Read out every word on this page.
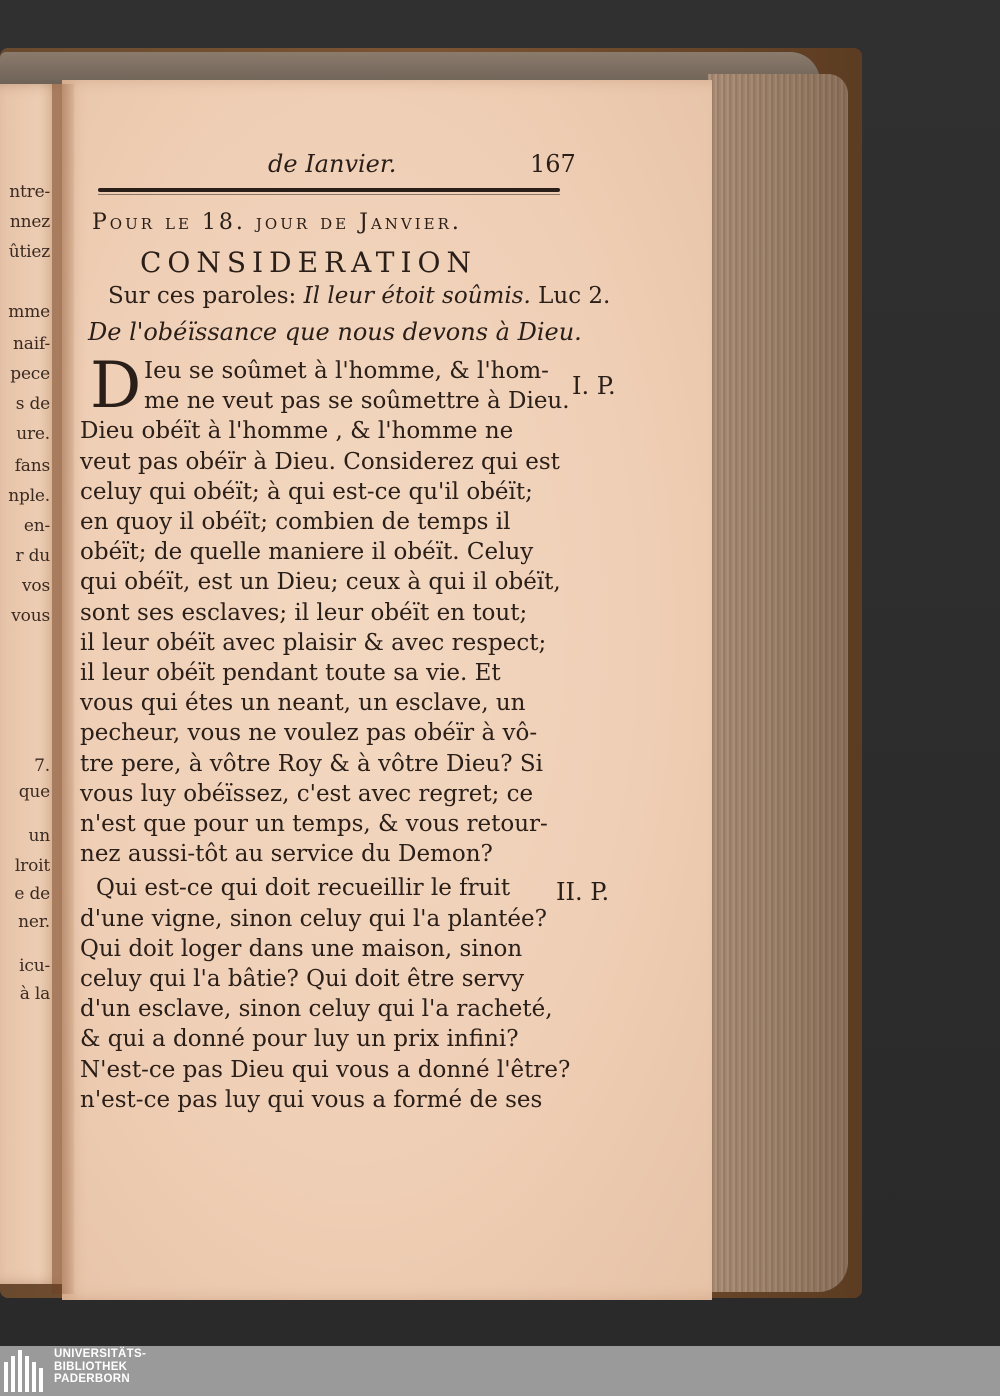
ntre-
nnez
ûtiez
mme
naif-
pece
s de
ure.
fans
nple.
en-
r du
vos
vous
7.
que
un
lroit
e de
ner.
icu-
à la
de Ianvier.	167
Pour le 18. jour de Janvier.
CONSIDERATION
Sur ces paroles: Il leur étoit soûmis. Luc 2.
De l'obéïssance que nous devons à Dieu.
D Ieu se soûmet à l'homme, & l'hom-
me ne veut pas se soûmettre à Dieu.
Dieu obéït à l'homme , & l'homme ne
veut pas obéïr à Dieu. Considerez qui est
celuy qui obéït; à qui est-ce qu'il obéït;
en quoy il obéït; combien de temps il
obéït; de quelle maniere il obéït. Celuy
qui obéït, est un Dieu; ceux à qui il obéït,
sont ses esclaves; il leur obéït en tout;
il leur obéït avec plaisir & avec respect;
il leur obéït pendant toute sa vie. Et
vous qui étes un neant, un esclave, un
pecheur, vous ne voulez pas obéïr à vô-
tre pere, à vôtre Roy & à vôtre Dieu? Si
vous luy obéïssez, c'est avec regret; ce
n'est que pour un temps, & vous retour-
nez aussi-tôt au service du Demon?
Qui est-ce qui doit recueillir le fruit
d'une vigne, sinon celuy qui l'a plantée?
Qui doit loger dans une maison, sinon
celuy qui l'a bâtie? Qui doit être servy
d'un esclave, sinon celuy qui l'a racheté,
& qui a donné pour luy un prix infini?
N'est-ce pas Dieu qui vous a donné l'être?
n'est-ce pas luy qui vous a formé de ses
I. P.
II. P.
UNIVERSITÄTS-
BIBLIOTHEK
PADERBORN
